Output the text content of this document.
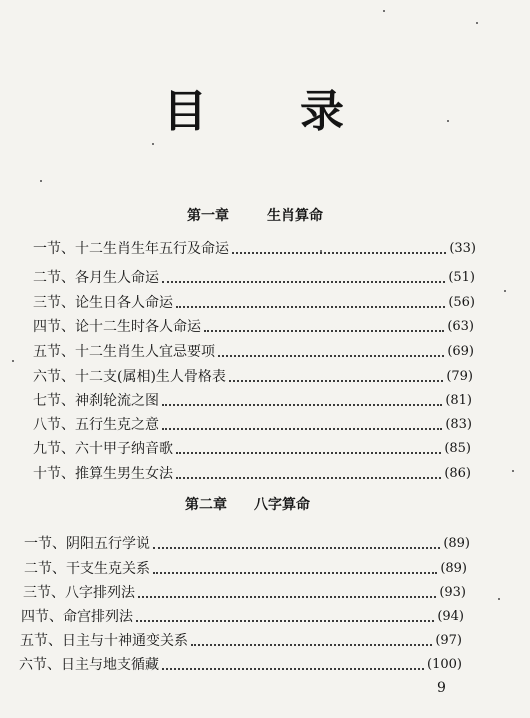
目 录
第一章	生肖算命
一节、十二生肖生年五行及命运	(33)
二节、各月生人命运	(51)
三节、论生日各人命运	(56)
四节、论十二生时各人命运	(63)
五节、十二生肖生人宜忌要项	(69)
六节、十二支(属相)生人骨格表	(79)
七节、神刹轮流之图	(81)
八节、五行生克之意	(83)
九节、六十甲子纳音歌	(85)
十节、推算生男生女法	(86)
第二章 八字算命
一节、阴阳五行学说	(89)
二节、干支生克关系	(89)
三节、八字排列法	(93)
四节、命宫排列法	(94)
五节、日主与十神通变关系	(97)
六节、日主与地支循藏	(100)
9
